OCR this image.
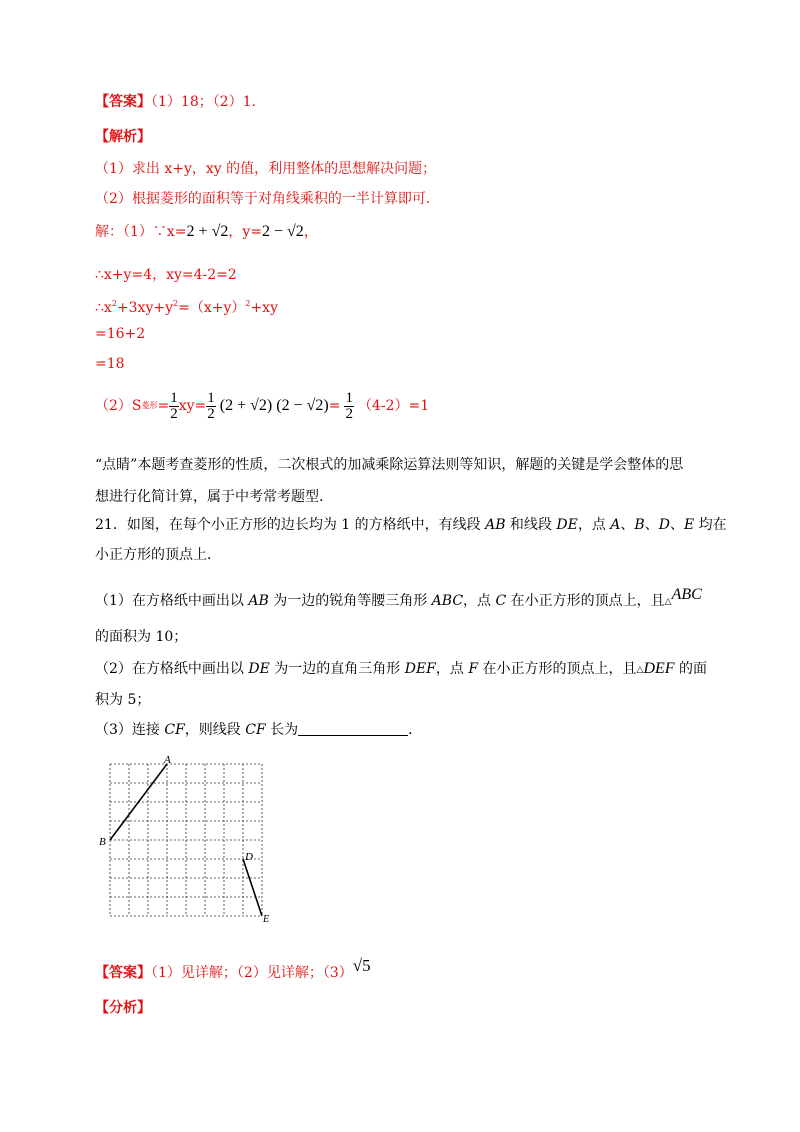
【答案】（1）18；（2）1.
【解析】
（1）求出 x+y，xy 的值，利用整体的思想解决问题；
（2）根据菱形的面积等于对角线乘积的一半计算即可.
解：（1）∵x=2 + √2，y=2 − √2，
∴x+y=4，xy=4-2=2
$\therefore x^2+3xy+y^2=(x+y)^2+xy$
=16+2
=18
（2）S 菱形 = $\frac{1}{2} xy= \frac{1}{2} (2 + √2) (2 - √2) = \frac{1}{2} (4-2)=1$
“点睛”本题考查菱形的性质，二次根式的加减乘除运算法则等知识，解题的关键是学会整体的思
想进行化简计算，属于中考常考题型.
21．如图，在每个小正方形的边长均为 1 的方格纸中，有线段 AB 和线段 DE，点 A、B、D、E 均在
小正方形的顶点上．
（1）在方格纸中画出以 AB 为一边的锐角等腰三角形 ABC，点 C 在小正方形的顶点上，且△ABC
的面积为 10；
（2）在方格纸中画出以 DE 为一边的直角三角形 DEF，点 F 在小正方形的顶点上，且△DEF 的面
积为 5；
（3）连接 CF，则线段 CF 长为	．
A
B
D
E
【答案】（1）见详解；（2）见详解；（3）√5
【分析】
